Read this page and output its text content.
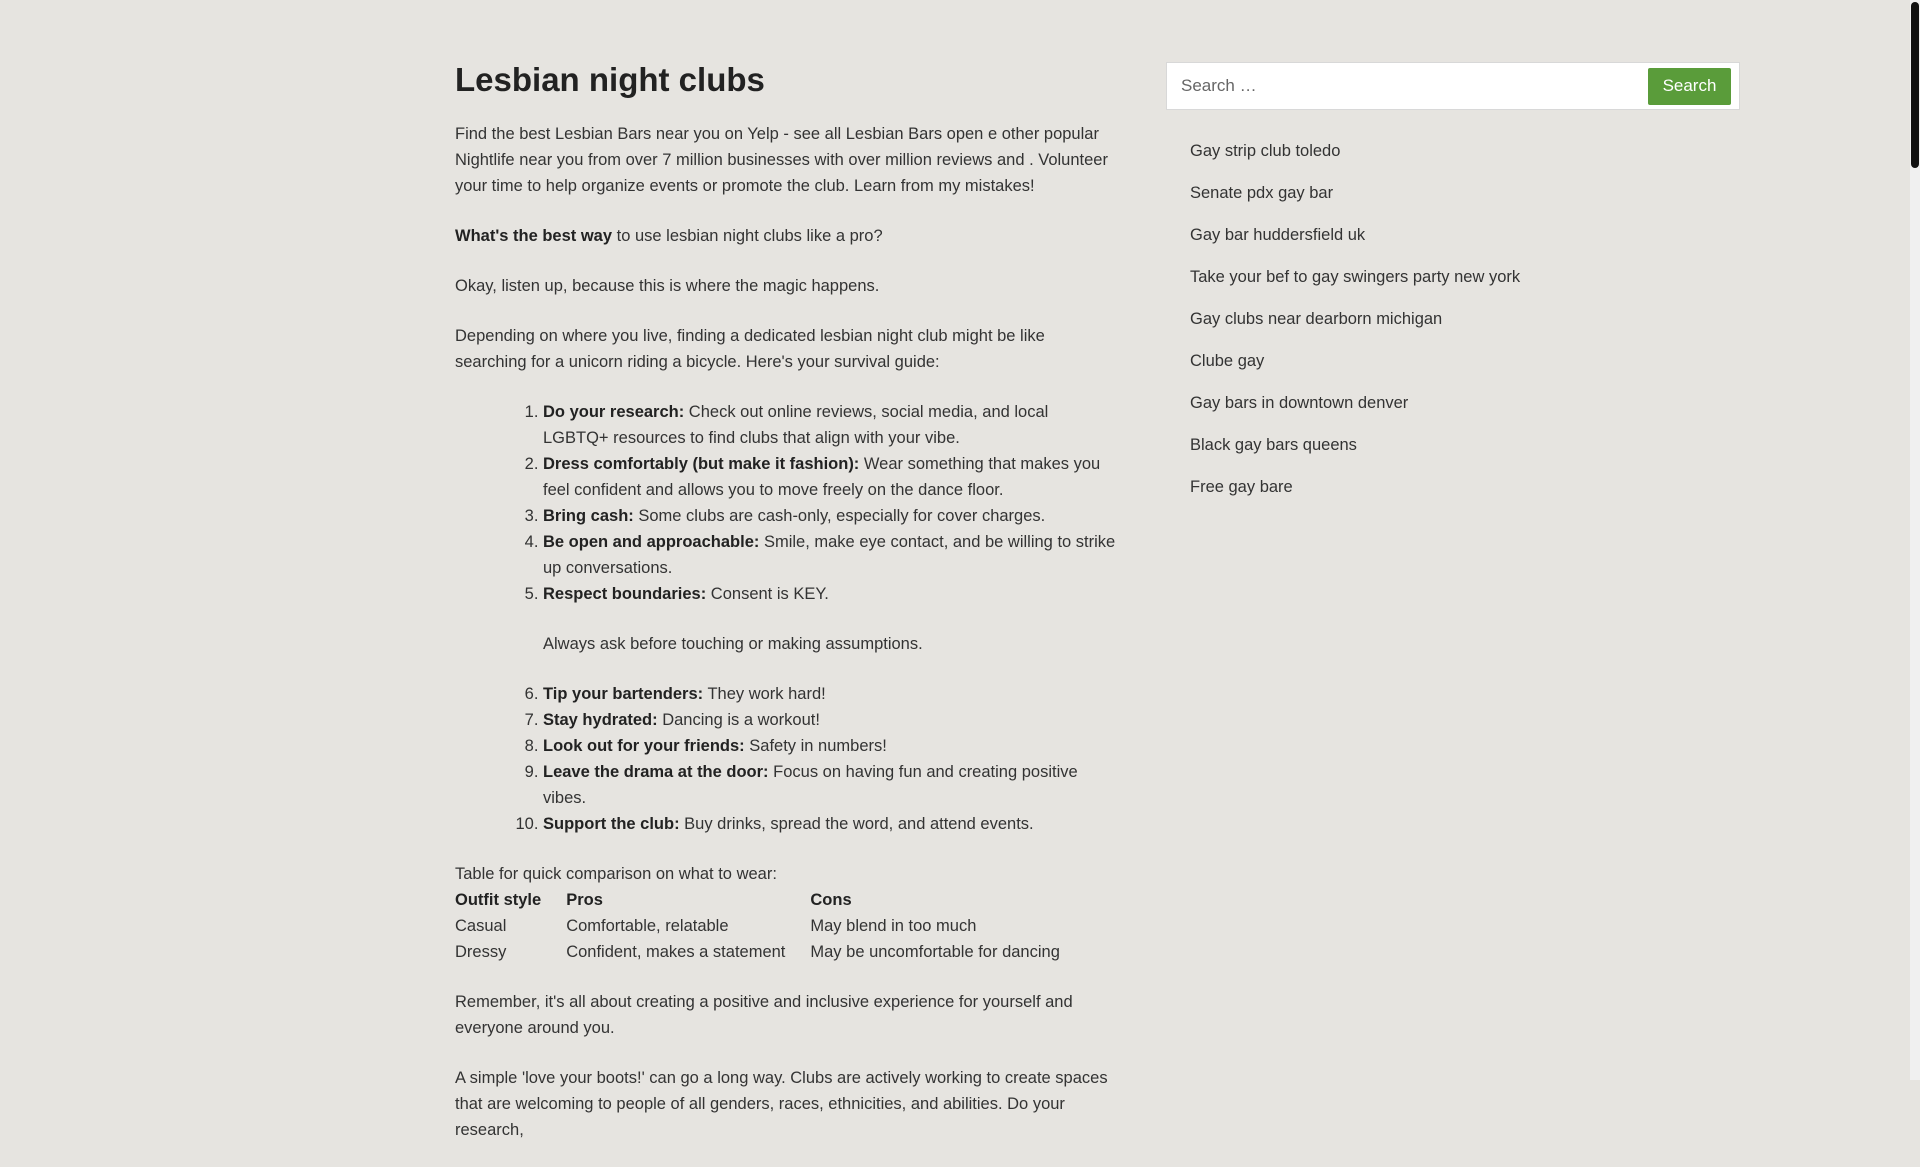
Lesbian night clubs

Find the best Lesbian Bars near you on Yelp - see all Lesbian Bars open e other popular Nightlife near you from over 7 million businesses with over million reviews and . Volunteer your time to help organize events or promote the club. Learn from my mistakes!

What's the best way to use lesbian night clubs like a pro?

Okay, listen up, because this is where the magic happens.

Depending on where you live, finding a dedicated lesbian night club might be like searching for a unicorn riding a bicycle. Here's your survival guide:

1. Do your research: Check out online reviews, social media, and local LGBTQ+ resources to find clubs that align with your vibe.
2. Dress comfortably (but make it fashion): Wear something that makes you feel confident and allows you to move freely on the dance floor.
3. Bring cash: Some clubs are cash-only, especially for cover charges.
4. Be open and approachable: Smile, make eye contact, and be willing to strike up conversations.
5. Respect boundaries: Consent is KEY.

Always ask before touching or making assumptions.

6. Tip your bartenders: They work hard!
7. Stay hydrated: Dancing is a workout!
8. Look out for your friends: Safety in numbers!
9. Leave the drama at the door: Focus on having fun and creating positive vibes.
10. Support the club: Buy drinks, spread the word, and attend events.

Table for quick comparison on what to wear:

Outfit style	Pros	Cons
Casual	Comfortable, relatable	May blend in too much
Dressy	Confident, makes a statement	May be uncomfortable for dancing

Remember, it's all about creating a positive and inclusive experience for yourself and everyone around you.

A simple 'love your boots!' can go a long way. Clubs are actively working to create spaces that are welcoming to people of all genders, races, ethnicities, and abilities. Do your research,

Search …
Search
Gay strip club toledo
Senate pdx gay bar
Gay bar huddersfield uk
Take your bef to gay swingers party new york
Gay clubs near dearborn michigan
Clube gay
Gay bars in downtown denver
Black gay bars queens
Free gay bare
